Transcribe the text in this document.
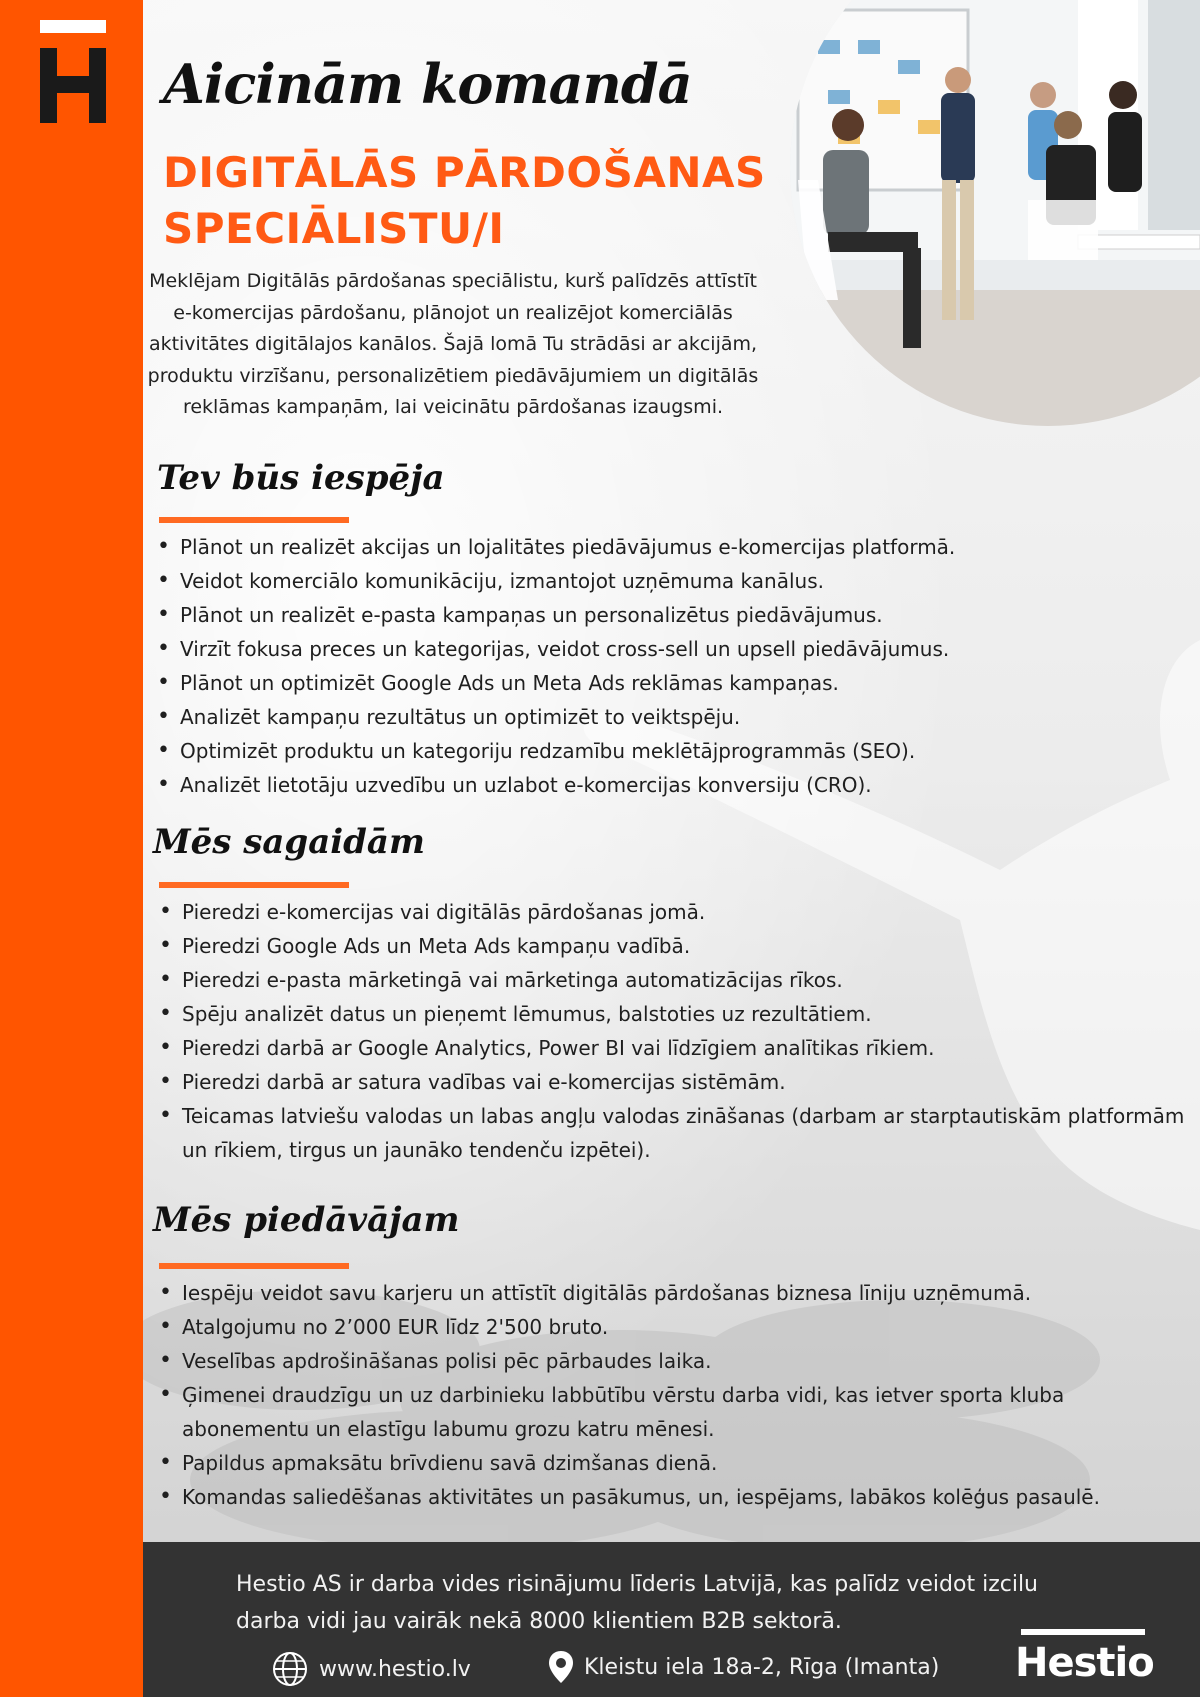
Aicinām komandā
DIGITĀLĀS PĀRDOŠANAS
SPECIĀLISTU/I
Meklējam Digitālās pārdošanas speciālistu, kurš palīdzēs attīstīt
e-komercijas pārdošanu, plānojot un realizējot komerciālās
aktivitātes digitālajos kanālos. Šajā lomā Tu strādāsi ar akcijām,
produktu virzīšanu, personalizētiem piedāvājumiem un digitālās
reklāmas kampaņām, lai veicinātu pārdošanas izaugsmi.
Tev būs iespēja
• Plānot un realizēt akcijas un lojalitātes piedāvājumus e-komercijas platformā.
• Veidot komerciālo komunikāciju, izmantojot uzņēmuma kanālus.
• Plānot un realizēt e-pasta kampaņas un personalizētus piedāvājumus.
• Virzīt fokusa preces un kategorijas, veidot cross-sell un upsell piedāvājumus.
• Plānot un optimizēt Google Ads un Meta Ads reklāmas kampaņas.
• Analizēt kampaņu rezultātus un optimizēt to veiktspēju.
• Optimizēt produktu un kategoriju redzamību meklētājprogrammās (SEO).
• Analizēt lietotāju uzvedību un uzlabot e-komercijas konversiju (CRO).
Mēs sagaidām
• Pieredzi e-komercijas vai digitālās pārdošanas jomā.
• Pieredzi Google Ads un Meta Ads kampaņu vadībā.
• Pieredzi e-pasta mārketingā vai mārketinga automatizācijas rīkos.
• Spēju analizēt datus un pieņemt lēmumus, balstoties uz rezultātiem.
• Pieredzi darbā ar Google Analytics, Power BI vai līdzīgiem analītikas rīkiem.
• Pieredzi darbā ar satura vadības vai e-komercijas sistēmām.
• Teicamas latviešu valodas un labas angļu valodas zināšanas (darbam ar starptautiskām platformām un rīkiem, tirgus un jaunāko tendenču izpētei).
Mēs piedāvājam
• Iespēju veidot savu karjeru un attīstīt digitālās pārdošanas biznesa līniju uzņēmumā.
• Atalgojumu no 2’000 EUR līdz 2'500 bruto.
• Veselības apdrošināšanas polisi pēc pārbaudes laika.
• Ģimenei draudzīgu un uz darbinieku labbūtību vērstu darba vidi, kas ietver sporta kluba abonementu un elastīgu labumu grozu katru mēnesi.
• Papildus apmaksātu brīvdienu savā dzimšanas dienā.
• Komandas saliedēšanas aktivitātes un pasākumus, un, iespējams, labākos kolēģus pasaulē.
Hestio AS ir darba vides risinājumu līderis Latvijā, kas palīdz veidot izcilu
darba vidi jau vairāk nekā 8000 klientiem B2B sektorā.
www.hestio.lv	Kleistu iela 18a-2, Rīga (Imanta) Hestio
